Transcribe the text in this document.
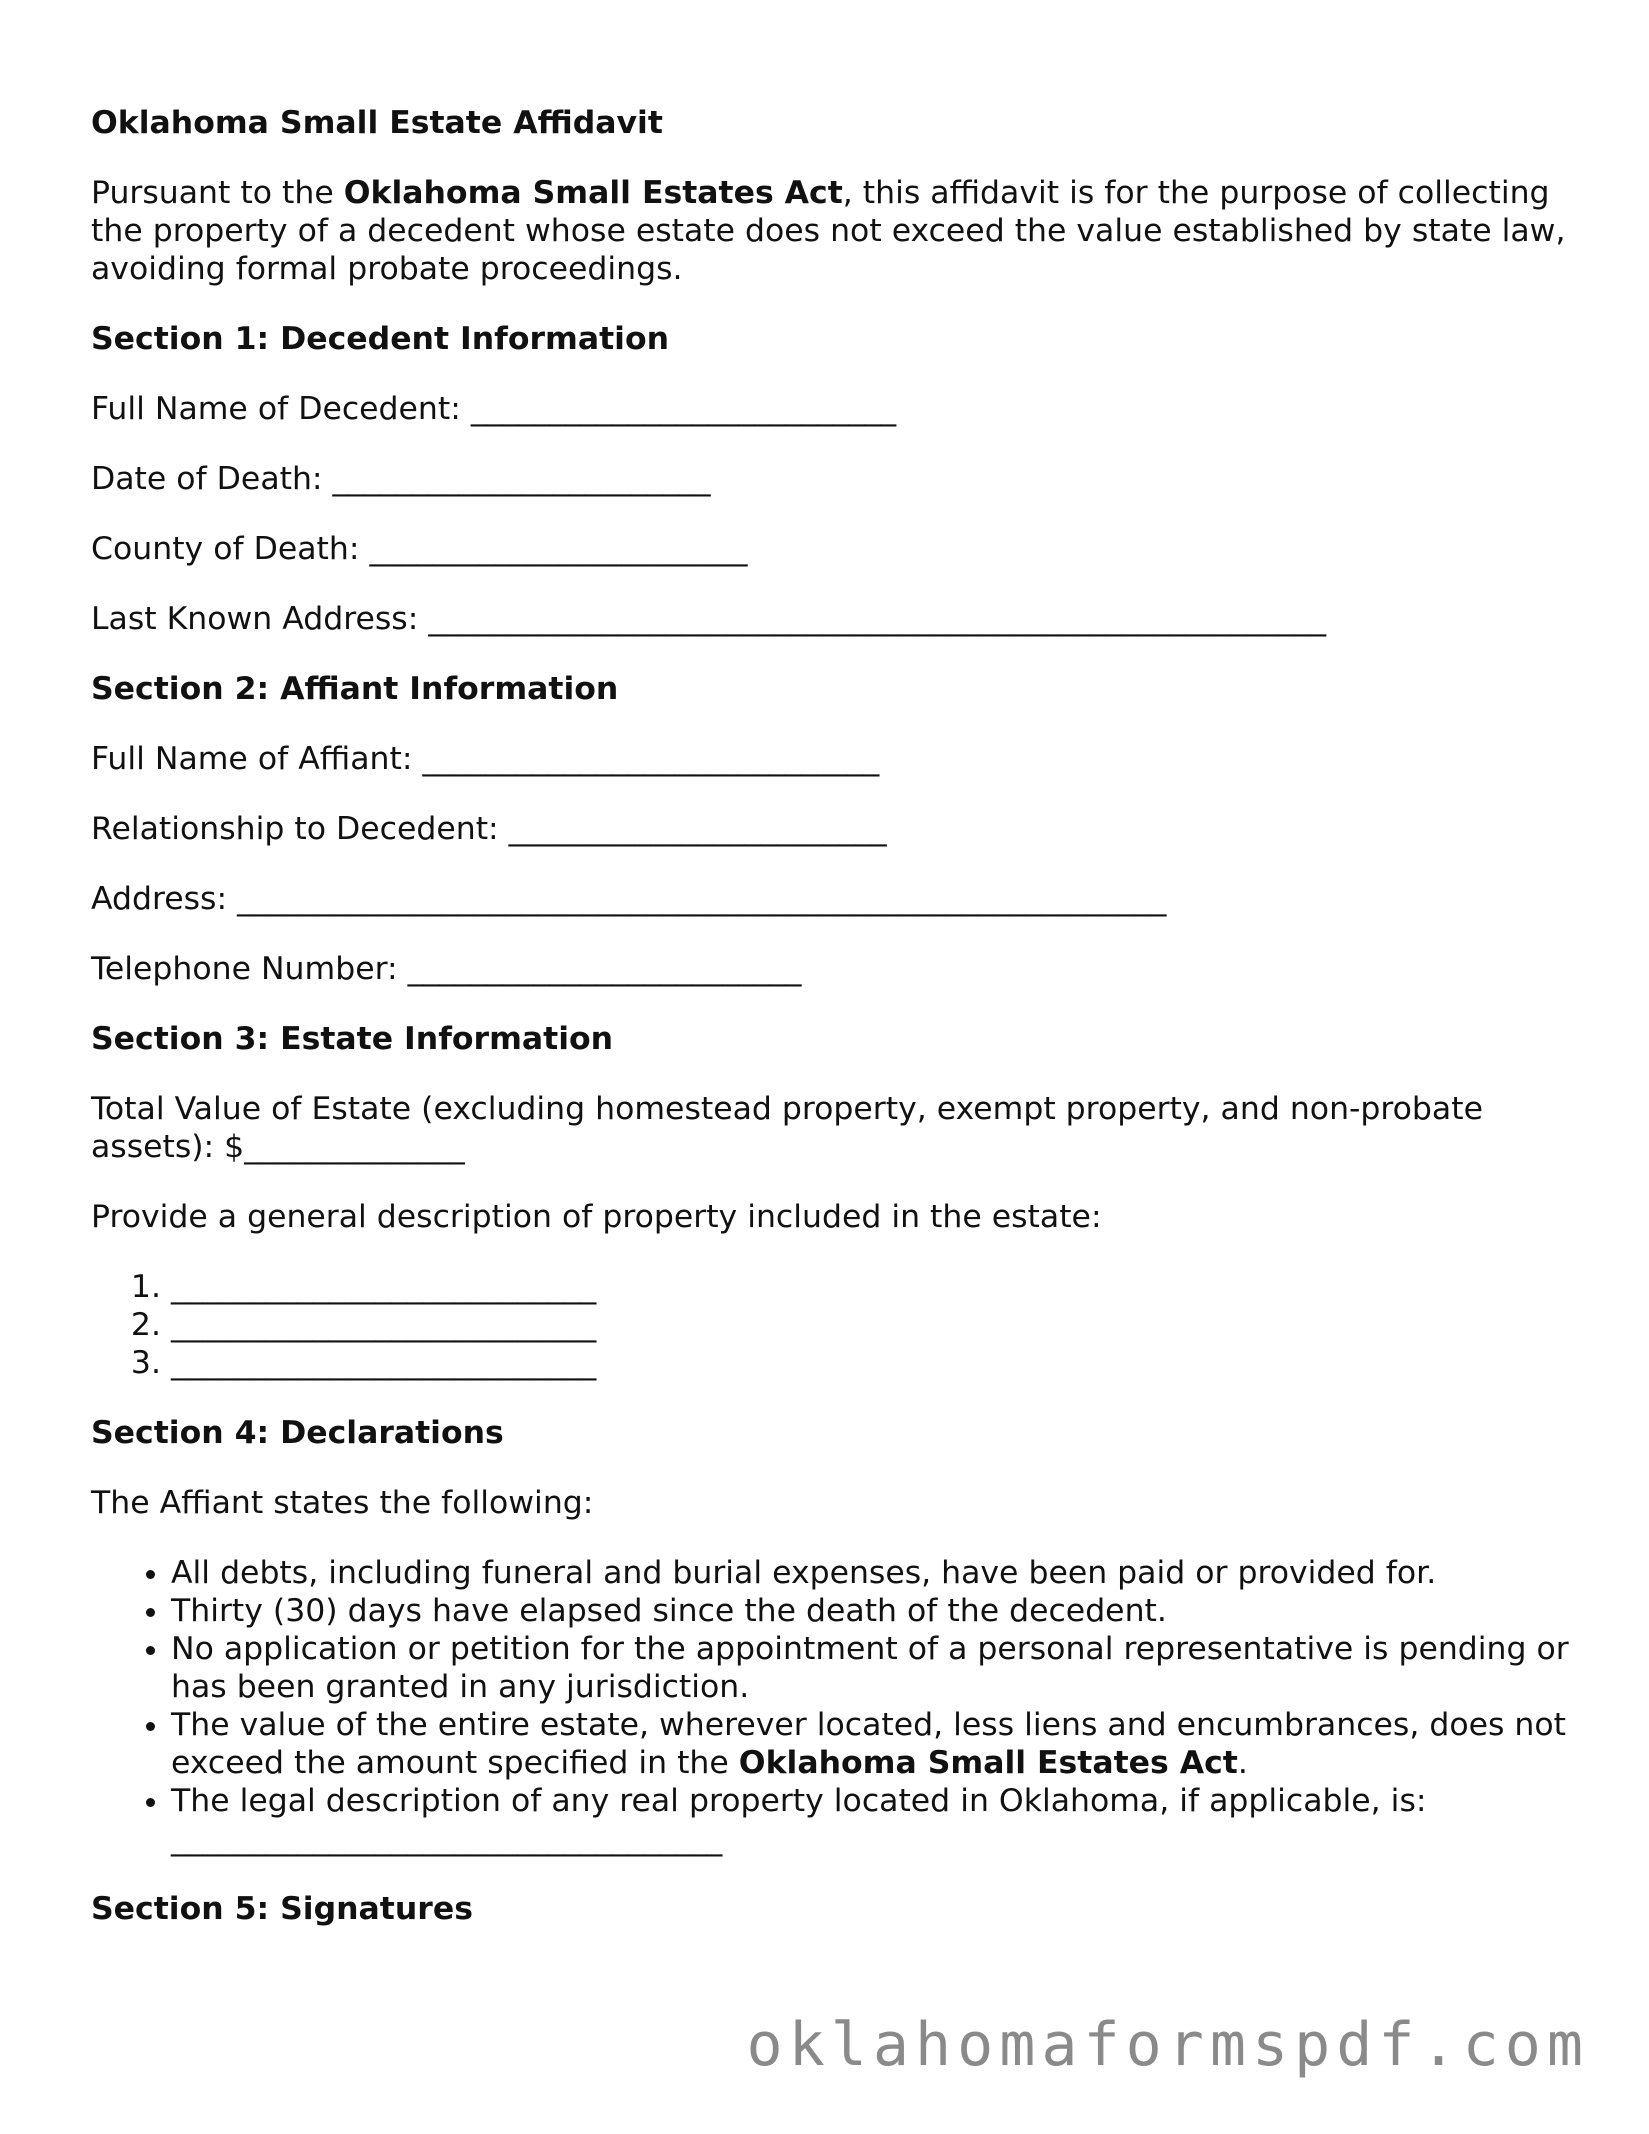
Oklahoma Small Estate Affidavit

Pursuant to the Oklahoma Small Estates Act, this affidavit is for the purpose of collecting the property of a decedent whose estate does not exceed the value established by state law, avoiding formal probate proceedings.

Section 1: Decedent Information
Full Name of Decedent: ___________________________
Date of Death: ________________________
County of Death: ________________________
Last Known Address: _________________________________________________________
Section 2: Affiant Information
Full Name of Affiant: _____________________________
Relationship to Decedent: ________________________
Address: ___________________________________________________________
Telephone Number: _________________________
Section 3: Estate Information

Total Value of Estate (excluding homestead property, exempt property, and non-probate assets): $______________

Provide a general description of property included in the estate:

1. ___________________________
2. ___________________________
3. ___________________________
Section 4: Declarations

The Affiant states the following:

• All debts, including funeral and burial expenses, have been paid or provided for.
• Thirty (30) days have elapsed since the death of the decedent.
• No application or petition for the appointment of a personal representative is pending or has been granted in any jurisdiction.
• The value of the entire estate, wherever located, less liens and encumbrances, does not exceed the amount specified in the Oklahoma Small Estates Act.
• The legal description of any real property located in Oklahoma, if applicable, is: ___________________________________
Section 5: Signatures
oklahomaformspdf.com
